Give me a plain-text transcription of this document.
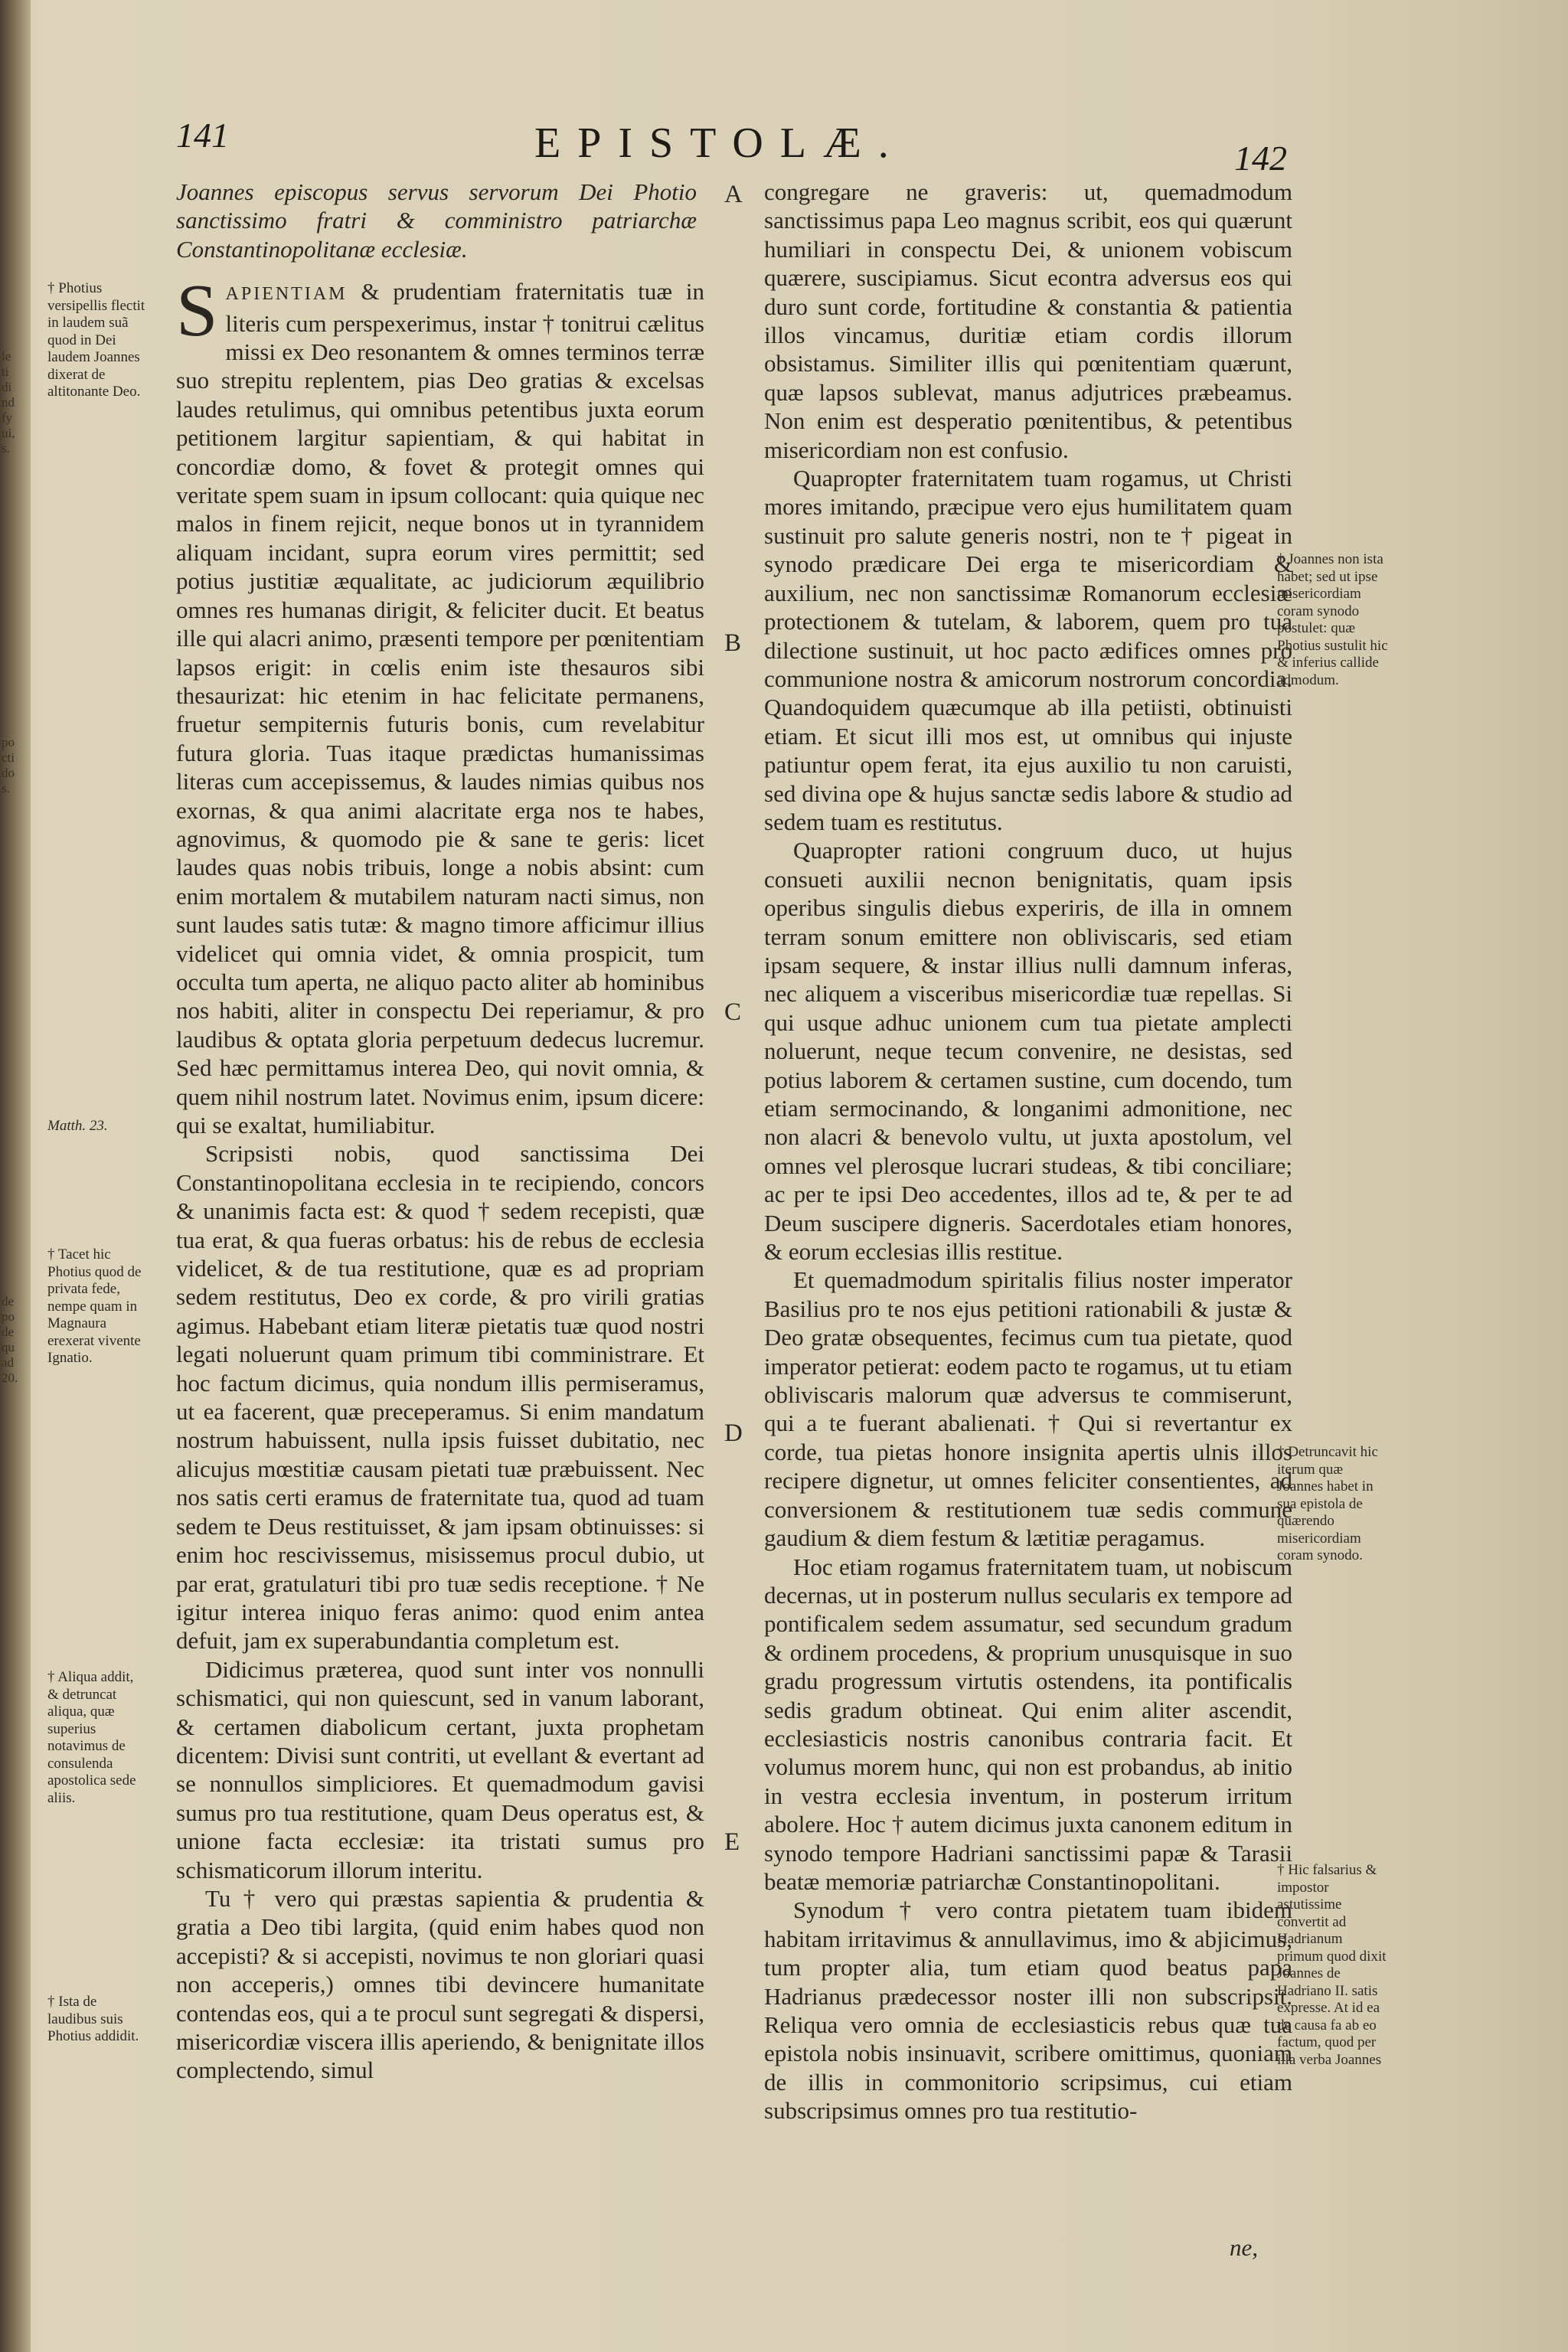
le
ti
di
nd
fy
ui,
s.
po
cti
do
s.
de
po
de
qu
ad
20.
141	EPISTOLÆ.	142
† Photius versipellis flectit in laudem suã quod in Dei laudem Joannes dixerat de altitonante Deo.
Matth. 23.
† Tacet hic Photius quod de privata fede, nempe quam in Magnaura erexerat vivente Ignatio.
† Aliqua addit, & detruncat aliqua, quæ superius notavimus de consulenda apostolica sede aliis.
† Ista de laudibus suis Photius addidit.

Joannes episcopus servus servorum Dei Photio sanctissimo fratri & comministro patriarchæ Constantinopolitanæ ecclesiæ.

SAPIENTIAM & prudentiam fraternitatis tuæ in literis cum perspexerimus, instar † tonitrui cælitus missi ex Deo resonantem & omnes terminos terræ suo strepitu replentem, pias Deo gratias & excelsas laudes retulimus, qui omnibus petentibus juxta eorum petitionem largitur sapientiam, & qui habitat in concordiæ domo, & fovet & protegit omnes qui veritate spem suam in ipsum collocant: quia quique nec malos in finem rejicit, neque bonos ut in tyrannidem aliquam incidant, supra eorum vires permittit; sed potius justitiæ æqualitate, ac judiciorum æquilibrio omnes res humanas dirigit, & feliciter ducit. Et beatus ille qui alacri animo, præsenti tempore per pœnitentiam lapsos erigit: in cœlis enim iste thesauros sibi thesaurizat: hic etenim in hac felicitate permanens, fruetur sempiternis futuris bonis, cum revelabitur futura gloria. Tuas itaque prædictas humanissimas literas cum accepissemus, & laudes nimias quibus nos exornas, & qua animi alacritate erga nos te habes, agnovimus, & quomodo pie & sane te geris: licet laudes quas nobis tribuis, longe a nobis absint: cum enim mortalem & mutabilem naturam nacti simus, non sunt laudes satis tutæ: & magno timore afficimur illius videlicet qui omnia videt, & omnia prospicit, tum occulta tum aperta, ne aliquo pacto aliter ab hominibus nos habiti, aliter in conspectu Dei reperiamur, & pro laudibus & optata gloria perpetuum dedecus lucremur. Sed hæc permittamus interea Deo, qui novit omnia, & quem nihil nostrum latet. Novimus enim, ipsum dicere: qui se exaltat, humiliabitur.

Scripsisti nobis, quod sanctissima Dei Constantinopolitana ecclesia in te recipiendo, concors & unanimis facta est: & quod † sedem recepisti, quæ tua erat, & qua fueras orbatus: his de rebus de ecclesia videlicet, & de tua restitutione, quæ es ad propriam sedem restitutus, Deo ex corde, & pro virili gratias agimus. Habebant etiam literæ pietatis tuæ quod nostri legati noluerunt quam primum tibi comministrare. Et hoc factum dicimus, quia nondum illis permiseramus, ut ea facerent, quæ preceperamus. Si enim mandatum nostrum habuissent, nulla ipsis fuisset dubitatio, nec alicujus mœstitiæ causam pietati tuæ præbuissent. Nec nos satis certi eramus de fraternitate tua, quod ad tuam sedem te Deus restituisset, & jam ipsam obtinuisses: si enim hoc rescivissemus, misissemus procul dubio, ut par erat, gratulaturi tibi pro tuæ sedis receptione. † Ne igitur interea iniquo feras animo: quod enim antea defuit, jam ex superabundantia completum est.

Didicimus præterea, quod sunt inter vos nonnulli schismatici, qui non quiescunt, sed in vanum laborant, & certamen diabolicum certant, juxta prophetam dicentem: Divisi sunt contriti, ut evellant & evertant ad se nonnullos simpliciores. Et quemadmodum gavisi sumus pro tua restitutione, quam Deus operatus est, & unione facta ecclesiæ: ita tristati sumus pro schismaticorum illorum interitu.

Tu † vero qui præstas sapientia & prudentia & gratia a Deo tibi largita, (quid enim habes quod non accepisti? & si accepisti, novimus te non gloriari quasi non acceperis,) omnes tibi devincere humanitate contendas eos, qui a te procul sunt segregati & dispersi, misericordiæ viscera illis aperiendo, & benignitate illos complectendo, simul

A
B
C
D
E

congregare ne graveris: ut, quemadmodum sanctissimus papa Leo magnus scribit, eos qui quærunt humiliari in conspectu Dei, & unionem vobiscum quærere, suscipiamus. Sicut econtra adversus eos qui duro sunt corde, fortitudine & constantia & patientia illos vincamus, duritiæ etiam cordis illorum obsistamus. Similiter illis qui pœnitentiam quærunt, quæ lapsos sublevat, manus adjutrices præbeamus. Non enim est desperatio pœnitentibus, & petentibus misericordiam non est confusio.

Quapropter fraternitatem tuam rogamus, ut Christi mores imitando, præcipue vero ejus humilitatem quam sustinuit pro salute generis nostri, non te † pigeat in synodo prædicare Dei erga te misericordiam & auxilium, nec non sanctissimæ Romanorum ecclesiæ protectionem & tutelam, & laborem, quem pro tua dilectione sustinuit, ut hoc pacto ædifices omnes pro communione nostra & amicorum nostrorum concordia. Quandoquidem quæcumque ab illa petiisti, obtinuisti etiam. Et sicut illi mos est, ut omnibus qui injuste patiuntur opem ferat, ita ejus auxilio tu non caruisti, sed divina ope & hujus sanctæ sedis labore & studio ad sedem tuam es restitutus.

Quapropter rationi congruum duco, ut hujus consueti auxilii necnon benignitatis, quam ipsis operibus singulis diebus experiris, de illa in omnem terram sonum emittere non obliviscaris, sed etiam ipsam sequere, & instar illius nulli damnum inferas, nec aliquem a visceribus misericordiæ tuæ repellas. Si qui usque adhuc unionem cum tua pietate amplecti noluerunt, neque tecum convenire, ne desistas, sed potius laborem & certamen sustine, cum docendo, tum etiam sermocinando, & longanimi admonitione, nec non alacri & benevolo vultu, ut juxta apostolum, vel omnes vel plerosque lucrari studeas, & tibi conciliare; ac per te ipsi Deo accedentes, illos ad te, & per te ad Deum suscipere digneris. Sacerdotales etiam honores, & eorum ecclesias illis restitue.

Et quemadmodum spiritalis filius noster imperator Basilius pro te nos ejus petitioni rationabili & justæ & Deo gratæ obsequentes, fecimus cum tua pietate, quod imperator petierat: eodem pacto te rogamus, ut tu etiam obliviscaris malorum quæ adversus te commiserunt, qui a te fuerant abalienati. † Qui si revertantur ex corde, tua pietas honore insignita apertis ulnis illos recipere dignetur, ut omnes feliciter consentientes, ad conversionem & restitutionem tuæ sedis commune gaudium & diem festum & lætitiæ peragamus.

Hoc etiam rogamus fraternitatem tuam, ut nobiscum decernas, ut in posterum nullus secularis ex tempore ad pontificalem sedem assumatur, sed secundum gradum & ordinem procedens, & proprium unusquisque in suo gradu progressum virtutis ostendens, ita pontificalis sedis gradum obtineat. Qui enim aliter ascendit, ecclesiasticis nostris canonibus contraria facit. Et volumus morem hunc, qui non est probandus, ab initio in vestra ecclesia inventum, in posterum irritum abolere. Hoc † autem dicimus juxta canonem editum in synodo tempore Hadriani sanctissimi papæ & Tarasii beatæ memoriæ patriarchæ Constantinopolitani.

Synodum † vero contra pietatem tuam ibidem habitam irritavimus & annullavimus, imo & abjicimus, tum propter alia, tum etiam quod beatus papa Hadrianus prædecessor noster illi non subscripsit. Reliqua vero omnia de ecclesiasticis rebus quæ tua epistola nobis insinuavit, scribere omittimus, quoniam de illis in commonitorio scripsimus, cui etiam subscripsimus omnes pro tua restitutio-

ne,
† Joannes non ista habet; sed ut ipse misericordiam coram synodo postulet: quæ Photius sustulit hic & inferius callide admodum.
† Detruncavit hic iterum quæ Joannes habet in sua epistola de quærendo misericordiam coram synodo.
† Hic falsarius & impostor astutissime convertit ad Hadrianum primum quod dixit Joannes de Hadriano II. satis expresse. At id ea de causa fa ab eo factum, quod per illa verba Joannes
